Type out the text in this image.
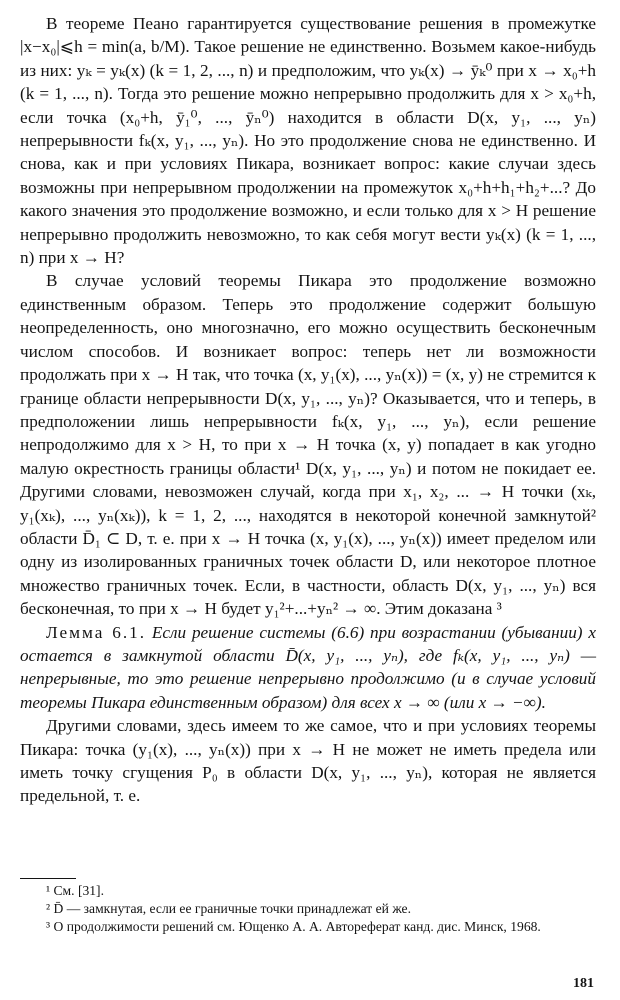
В теореме Пеано гарантируется существование решения в промежутке |x−x₀|⩽h = min(a, b/M). Такое решение не единственно. Возьмем какое-нибудь из них: yₖ = yₖ(x) (k = 1, 2, ..., n) и предположим, что yₖ(x) → ȳₖ⁰ при x → x₀+h (k = 1, ..., n). Тогда это решение можно непрерывно продолжить для x > x₀+h, если точка (x₀+h, ȳ₁⁰, ..., ȳₙ⁰) находится в области D(x, y₁, ..., yₙ) непрерывности fₖ(x, y₁, ..., yₙ). Но это продолжение снова не единственно. И снова, как и при условиях Пикара, возникает вопрос: какие случаи здесь возможны при непрерывном продолжении на промежуток x₀+h+h₁+h₂+...? До какого значения это продолжение возможно, и если только для x > H решение непрерывно продолжить невозможно, то как себя могут вести yₖ(x) (k = 1, ..., n) при x → H?

В случае условий теоремы Пикара это продолжение возможно единственным образом. Теперь это продолжение содержит большую неопределенность, оно многозначно, его можно осуществить бесконечным числом способов. И возникает вопрос: теперь нет ли возможности продолжать при x → H так, что точка (x, y₁(x), ..., yₙ(x)) = (x, y) не стремится к границе области непрерывности D(x, y₁, ..., yₙ)? Оказывается, что и теперь, в предположении лишь непрерывности fₖ(x, y₁, ..., yₙ), если решение непродолжимо для x > H, то при x → H точка (x, y) попадает в как угодно малую окрестность границы области¹ D(x, y₁, ..., yₙ) и потом не покидает ее. Другими словами, невозможен случай, когда при x₁, x₂, ... → H точки (xₖ, y₁(xₖ), ..., yₙ(xₖ)), k = 1, 2, ..., находятся в некоторой конечной замкнутой² области D̄₁ ⊂ D, т. е. при x → H точка (x, y₁(x), ..., yₙ(x)) имеет пределом или одну из изолированных граничных точек области D, или некоторое плотное множество граничных точек. Если, в частности, область D(x, y₁, ..., yₙ) вся бесконечная, то при x → H будет y₁²+...+yₙ² → ∞. Этим доказана ³

Лемма 6.1. Если решение системы (6.6) при возрастании (убывании) x остается в замкнутой области D̄(x, y₁, ..., yₙ), где fₖ(x, y₁, ..., yₙ) — непрерывные, то это решение непрерывно продолжимо (и в случае условий теоремы Пикара единственным образом) для всех x → ∞ (или x → −∞).

Другими словами, здесь имеем то же самое, что и при условиях теоремы Пикара: точка (y₁(x), ..., yₙ(x)) при x → H не может не иметь предела или иметь точку сгущения P₀ в области D(x, y₁, ..., yₙ), которая не является предельной, т. е.

¹ См. [31].

² D̄ — замкнутая, если ее граничные точки принадлежат ей же.

³ О продолжимости решений см. Ющенко А. А. Автореферат канд. дис. Минск, 1968.

181
